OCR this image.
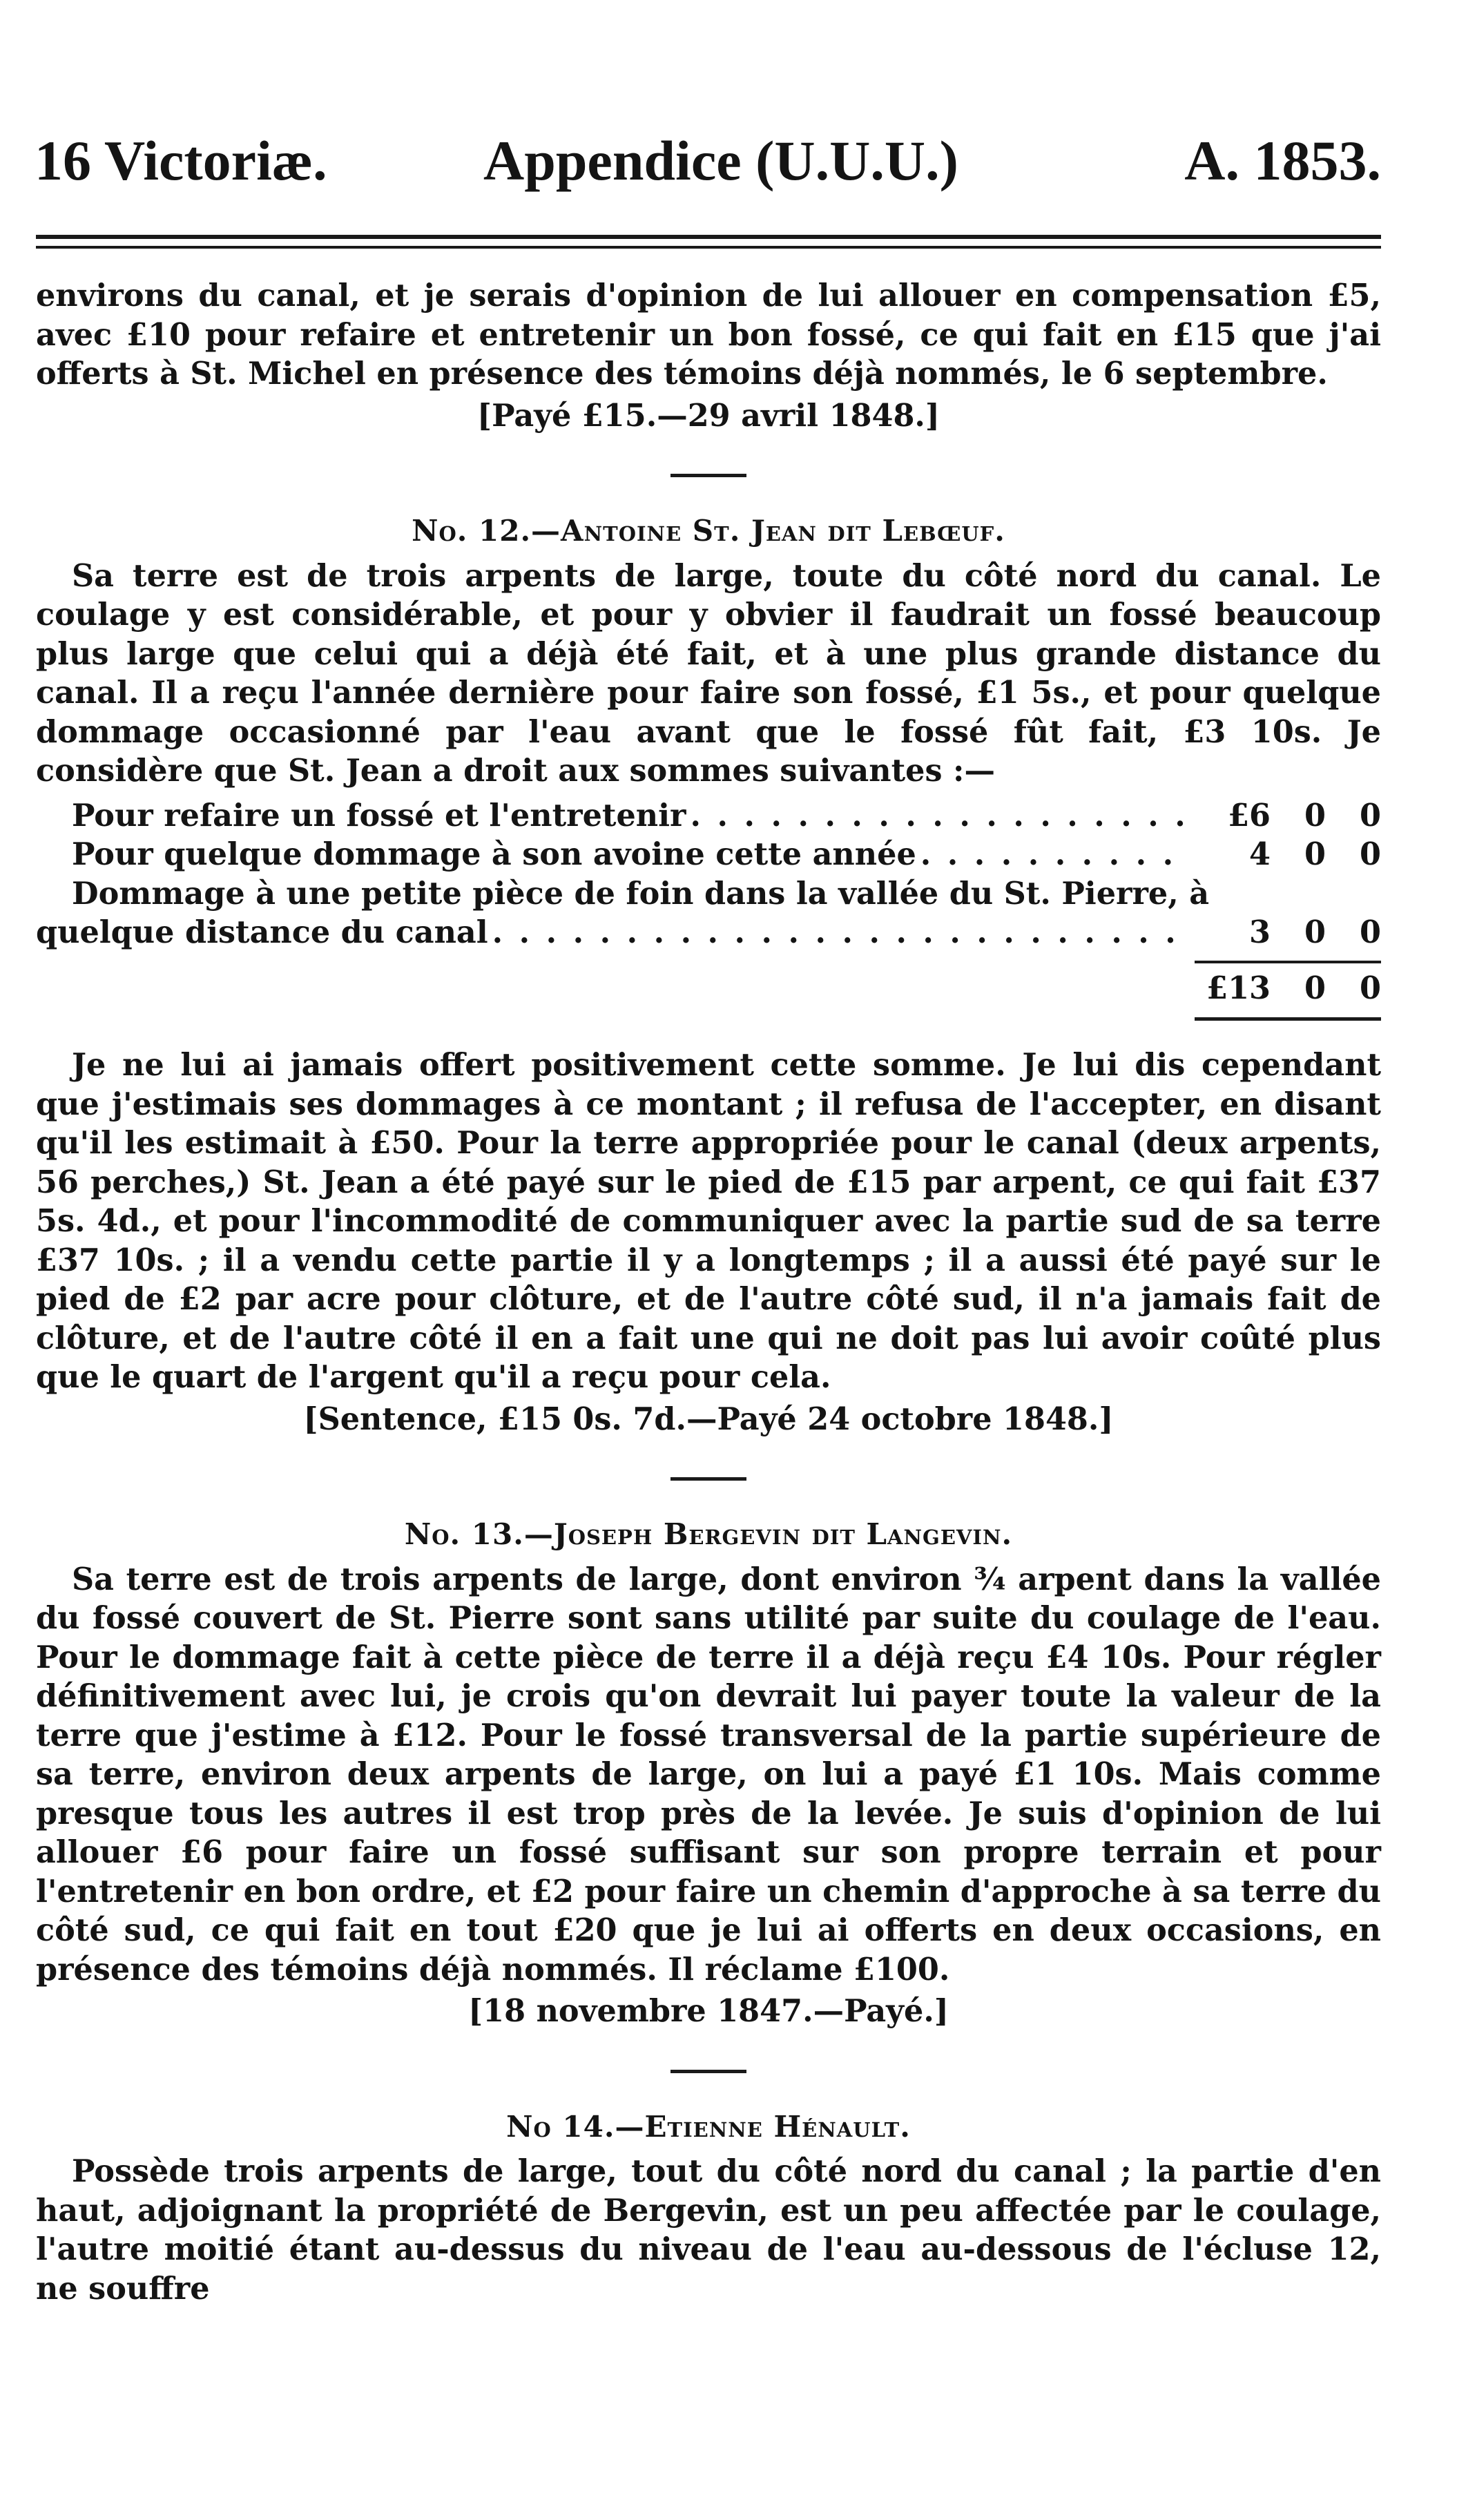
16 Victoriæ.	Appendice (U.U.U.)	A. 1853.

environs du canal, et je serais d'opinion de lui allouer en compensation £5, avec £10 pour refaire et entretenir un bon fossé, ce qui fait en £15 que j'ai offerts à St. Michel en présence des témoins déjà nommés, le 6 septembre.

[Payé £15.—29 avril 1848.]

No. 12.—Antoine St. Jean dit Lebœuf.

Sa terre est de trois arpents de large, toute du côté nord du canal. Le coulage y est considérable, et pour y obvier il faudrait un fossé beaucoup plus large que celui qui a déjà été fait, et à une plus grande distance du canal. Il a reçu l'année dernière pour faire son fossé, £1 5s., et pour quelque dommage occasionné par l'eau avant que le fossé fût fait, £3 10s. Je considère que St. Jean a droit aux sommes suivantes :—

Pour refaire un fossé et l'entretenir . . .	£6	0	0
Pour quelque dommage à son avoine cette année . . .	4	0	0
Dommage à une petite pièce de foin dans la vallée du St. Pierre, à
quelque distance du canal . . .	3	0	0
£13	0	0

Je ne lui ai jamais offert positivement cette somme. Je lui dis cependant que j'estimais ses dommages à ce montant ; il refusa de l'accepter, en disant qu'il les estimait à £50. Pour la terre appropriée pour le canal (deux arpents, 56 perches,) St. Jean a été payé sur le pied de £15 par arpent, ce qui fait £37 5s. 4d., et pour l'incommodité de communiquer avec la partie sud de sa terre £37 10s. ; il a vendu cette partie il y a longtemps ; il a aussi été payé sur le pied de £2 par acre pour clôture, et de l'autre côté sud, il n'a jamais fait de clôture, et de l'autre côté il en a fait une qui ne doit pas lui avoir coûté plus que le quart de l'argent qu'il a reçu pour cela.

[Sentence, £15 0s. 7d.—Payé 24 octobre 1848.]

No. 13.—Joseph Bergevin dit Langevin.

Sa terre est de trois arpents de large, dont environ ¾ arpent dans la vallée du fossé couvert de St. Pierre sont sans utilité par suite du coulage de l'eau. Pour le dommage fait à cette pièce de terre il a déjà reçu £4 10s. Pour régler définitivement avec lui, je crois qu'on devrait lui payer toute la valeur de la terre que j'estime à £12. Pour le fossé transversal de la partie supérieure de sa terre, environ deux arpents de large, on lui a payé £1 10s. Mais comme presque tous les autres il est trop près de la levée. Je suis d'opinion de lui allouer £6 pour faire un fossé suffisant sur son propre terrain et pour l'entretenir en bon ordre, et £2 pour faire un chemin d'approche à sa terre du côté sud, ce qui fait en tout £20 que je lui ai offerts en deux occasions, en présence des témoins déjà nommés. Il réclame £100.

[18 novembre 1847.—Payé.]

No 14.—Etienne Hénault.

Possède trois arpents de large, tout du côté nord du canal ; la partie d'en haut, adjoignant la propriété de Bergevin, est un peu affectée par le coulage, l'autre moitié étant au-dessus du niveau de l'eau au-dessous de l'écluse 12, ne souffre
